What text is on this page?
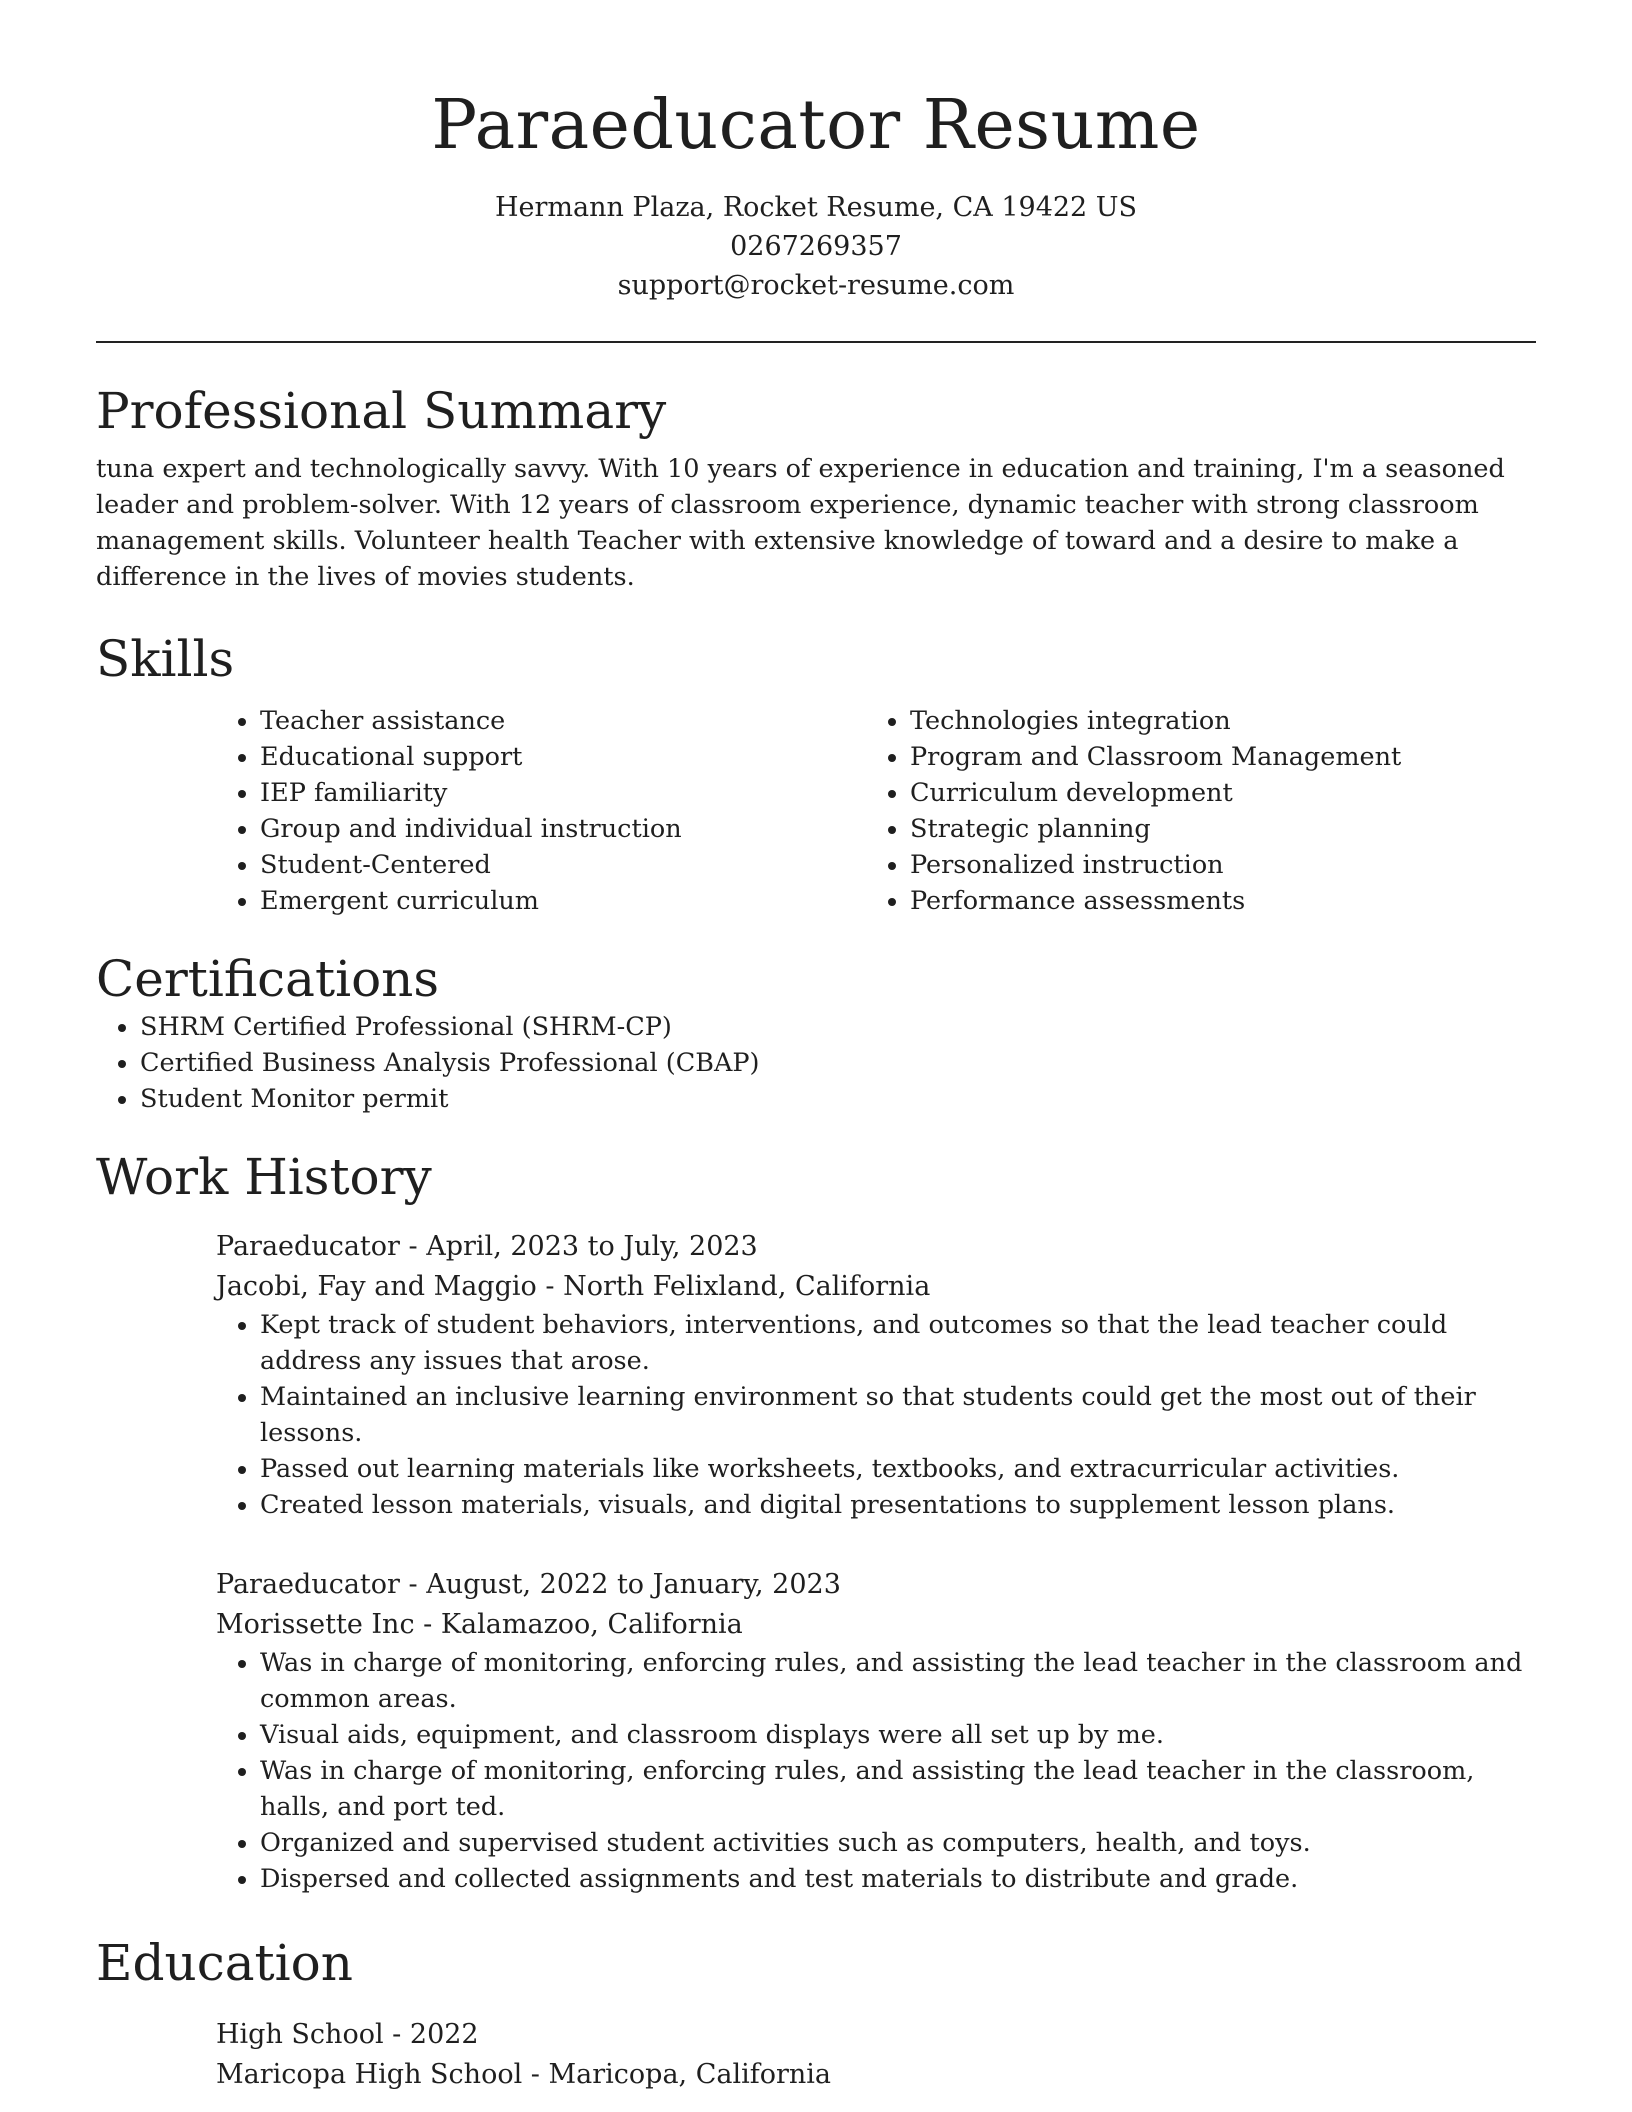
Paraeducator Resume

Hermann Plaza, Rocket Resume, CA 19422 US

0267269357

support@rocket-resume.com

Professional Summary

tuna expert and technologically savvy. With 10 years of experience in education and training, I'm a seasoned leader and problem-solver. With 12 years of classroom experience, dynamic teacher with strong classroom management skills. Volunteer health Teacher with extensive knowledge of toward and a desire to make a difference in the lives of movies students.

Skills
• Teacher assistance
• Educational support
• IEP familiarity
• Group and individual instruction
• Student-Centered
• Emergent curriculum
• Technologies integration
• Program and Classroom Management
• Curriculum development
• Strategic planning
• Personalized instruction
• Performance assessments
Certifications
• SHRM Certified Professional (SHRM-CP)
• Certified Business Analysis Professional (CBAP)
• Student Monitor permit
Work History

Paraeducator - April, 2023 to July, 2023

Jacobi, Fay and Maggio - North Felixland, California

• Kept track of student behaviors, interventions, and outcomes so that the lead teacher could address any issues that arose.
• Maintained an inclusive learning environment so that students could get the most out of their lessons.
• Passed out learning materials like worksheets, textbooks, and extracurricular activities.
• Created lesson materials, visuals, and digital presentations to supplement lesson plans.

Paraeducator - August, 2022 to January, 2023

Morissette Inc - Kalamazoo, California

• Was in charge of monitoring, enforcing rules, and assisting the lead teacher in the classroom and common areas.
• Visual aids, equipment, and classroom displays were all set up by me.
• Was in charge of monitoring, enforcing rules, and assisting the lead teacher in the classroom, halls, and port ted.
• Organized and supervised student activities such as computers, health, and toys.
• Dispersed and collected assignments and test materials to distribute and grade.
Education

High School - 2022

Maricopa High School - Maricopa, California
